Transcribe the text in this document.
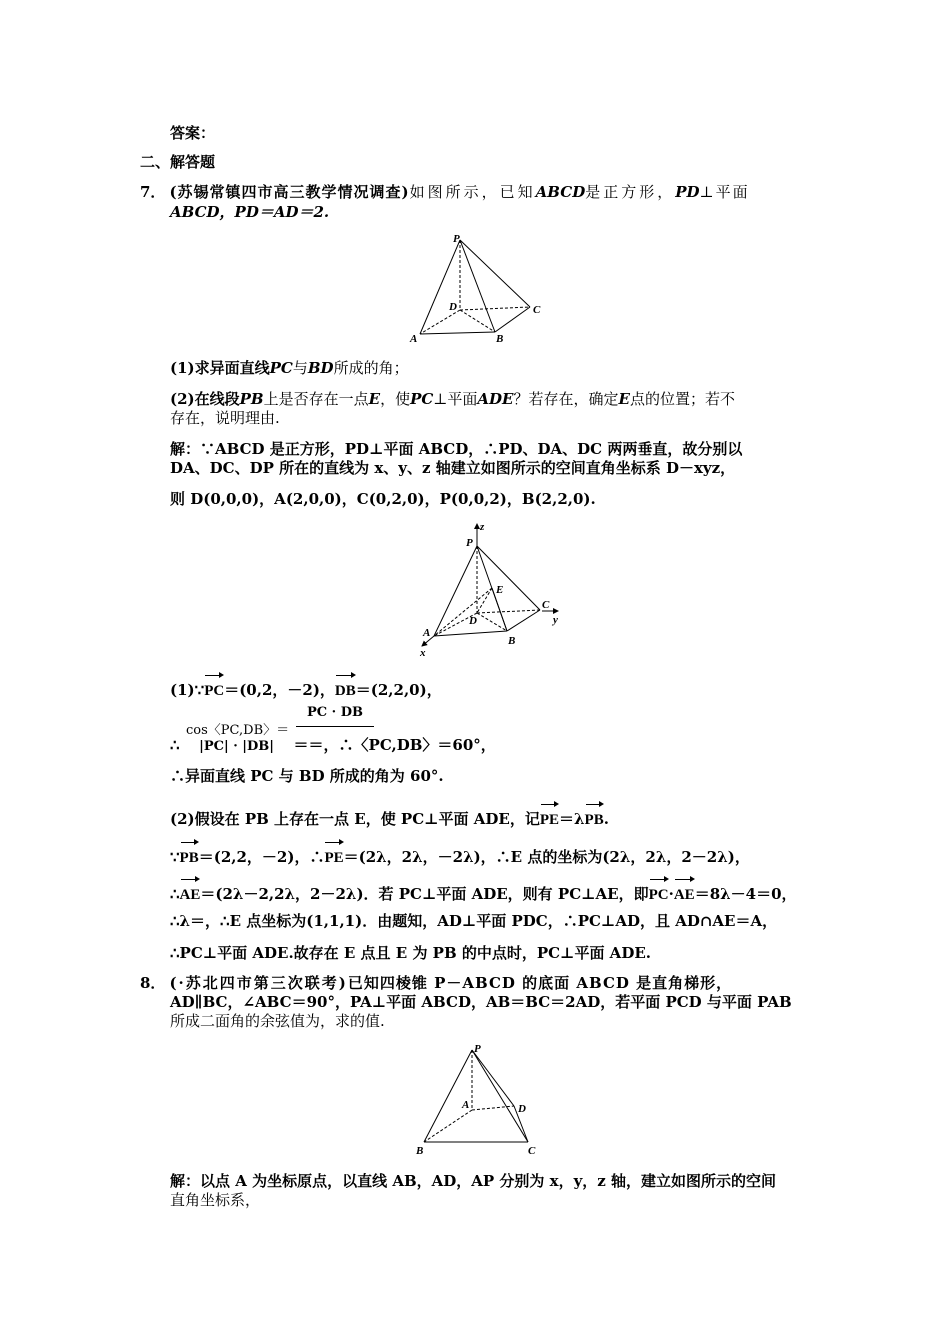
答案：
二、解答题
7． (苏锡常镇四市高三教学情况调查)如图所示，已知ABCD是正方形，PD⊥平面
ABCD，PD＝AD＝2.
P
D	C
A	B
(1)求异面直线PC与BD所成的角；
(2)在线段PB上是否存在一点E，使PC⊥平面ADE？若存在，确定E点的位置；若不
存在，说明理由.
解：∵ABCD 是正方形，PD⊥平面 ABCD，∴PD、DA、DC 两两垂直，故分别以
DA、DC、DP 所在的直线为 x、y、z 轴建立如图所示的空间直角坐标系 D－xyz，
则 D(0,0,0)，A(2,0,0)，C(0,2,0)，P(0,0,2)，B(2,2,0).
z
P
E
C
y
D
A
B
x
(1)∵PC＝(0,2，－2)，DB＝(2,2,0)，
cos〈PC,DB〉＝
PC · DB
∴ |PC| · |DB| ＝＝，∴〈PC,DB〉＝60°，
∴异面直线 PC 与 BD 所成的角为 60°.
(2)假设在 PB 上存在一点 E，使 PC⊥平面 ADE，记PE＝λPB.
∵PB＝(2,2，－2)，∴PE＝(2λ，2λ，－2λ)，∴E 点的坐标为(2λ，2λ，2－2λ)，
∴AE＝(2λ－2,2λ，2－2λ)．若 PC⊥平面 ADE，则有 PC⊥AE，即PC·AE＝8λ－4＝0，
∴λ＝，∴E 点坐标为(1,1,1)．由题知，AD⊥平面 PDC，∴PC⊥AD，且 AD∩AE＝A，
∴PC⊥平面 ADE.故存在 E 点且 E 为 PB 的中点时，PC⊥平面 ADE.
8． (·苏北四市第三次联考)已知四棱锥 P－ABCD 的底面 ABCD 是直角梯形，
AD∥BC，∠ABC＝90°，PA⊥平面 ABCD，AB＝BC＝2AD，若平面 PCD 与平面 PAB
所成二面角的余弦值为，求的值.
P
A	D
B	C
解：以点 A 为坐标原点，以直线 AB，AD，AP 分别为 x，y，z 轴，建立如图所示的空间
直角坐标系，
